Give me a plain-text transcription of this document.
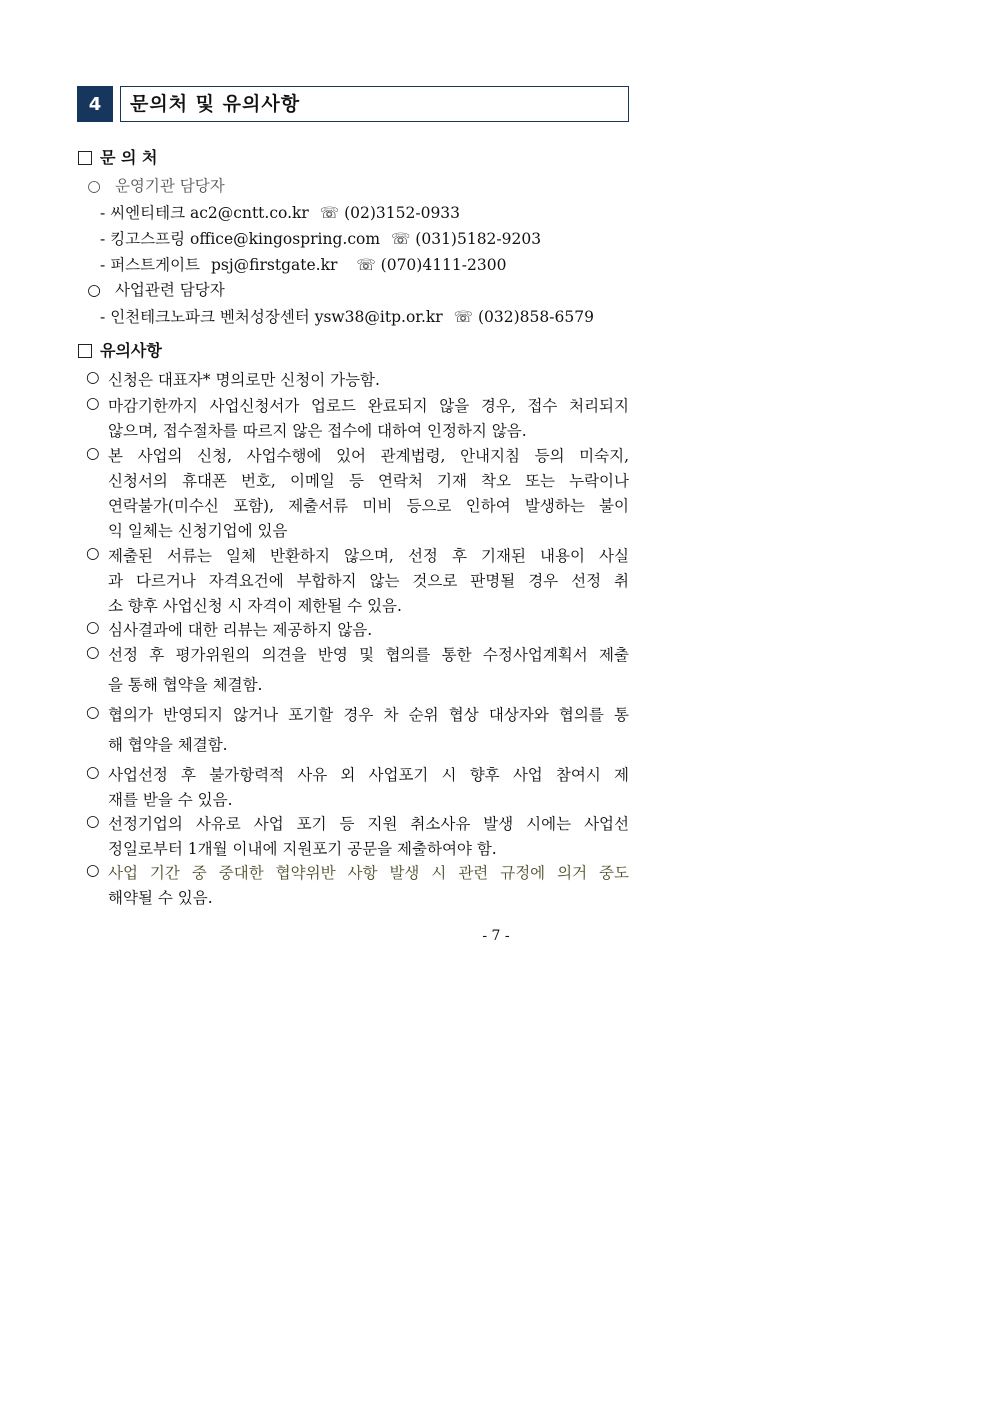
4	문의처 및 유의사항
문 의 처
○ 운영기관 담당자
- 씨엔티테크 ac2@cntt.co.kr ☏ (02)3152-0933
- 킹고스프링 office@kingospring.com ☏ (031)5182-9203
- 퍼스트게이트 psj@firstgate.kr ☏ (070)4111-2300
○ 사업관련 담당자
- 인천테크노파크 벤처성장센터 ysw38@itp.or.kr ☏ (032)858-6579
유의사항
○ 신청은 대표자* 명의로만 신청이 가능함.
○ 마감기한까지 사업신청서가 업로드 완료되지 않을 경우, 접수 처리되지
않으며, 접수절차를 따르지 않은 접수에 대하여 인정하지 않음.
○ 본 사업의 신청, 사업수행에 있어 관계법령, 안내지침 등의 미숙지,
신청서의 휴대폰 번호, 이메일 등 연락처 기재 착오 또는 누락이나
연락불가(미수신 포함), 제출서류 미비 등으로 인하여 발생하는 불이
익 일체는 신청기업에 있음
○ 제출된 서류는 일체 반환하지 않으며, 선정 후 기재된 내용이 사실
과 다르거나 자격요건에 부합하지 않는 것으로 판명될 경우 선정 취
소 향후 사업신청 시 자격이 제한될 수 있음.
○ 심사결과에 대한 리뷰는 제공하지 않음.
○ 선정 후 평가위원의 의견을 반영 및 협의를 통한 수정사업계획서 제출
을 통해 협약을 체결함.
○ 협의가 반영되지 않거나 포기할 경우 차 순위 협상 대상자와 협의를 통
해 협약을 체결함.
○ 사업선정 후 불가항력적 사유 외 사업포기 시 향후 사업 참여시 제
재를 받을 수 있음.
○ 선정기업의 사유로 사업 포기 등 지원 취소사유 발생 시에는 사업선
정일로부터 1개월 이내에 지원포기 공문을 제출하여야 함.
○ 사업 기간 중 중대한 협약위반 사항 발생 시 관련 규정에 의거 중도
해약될 수 있음.
- 7 -
